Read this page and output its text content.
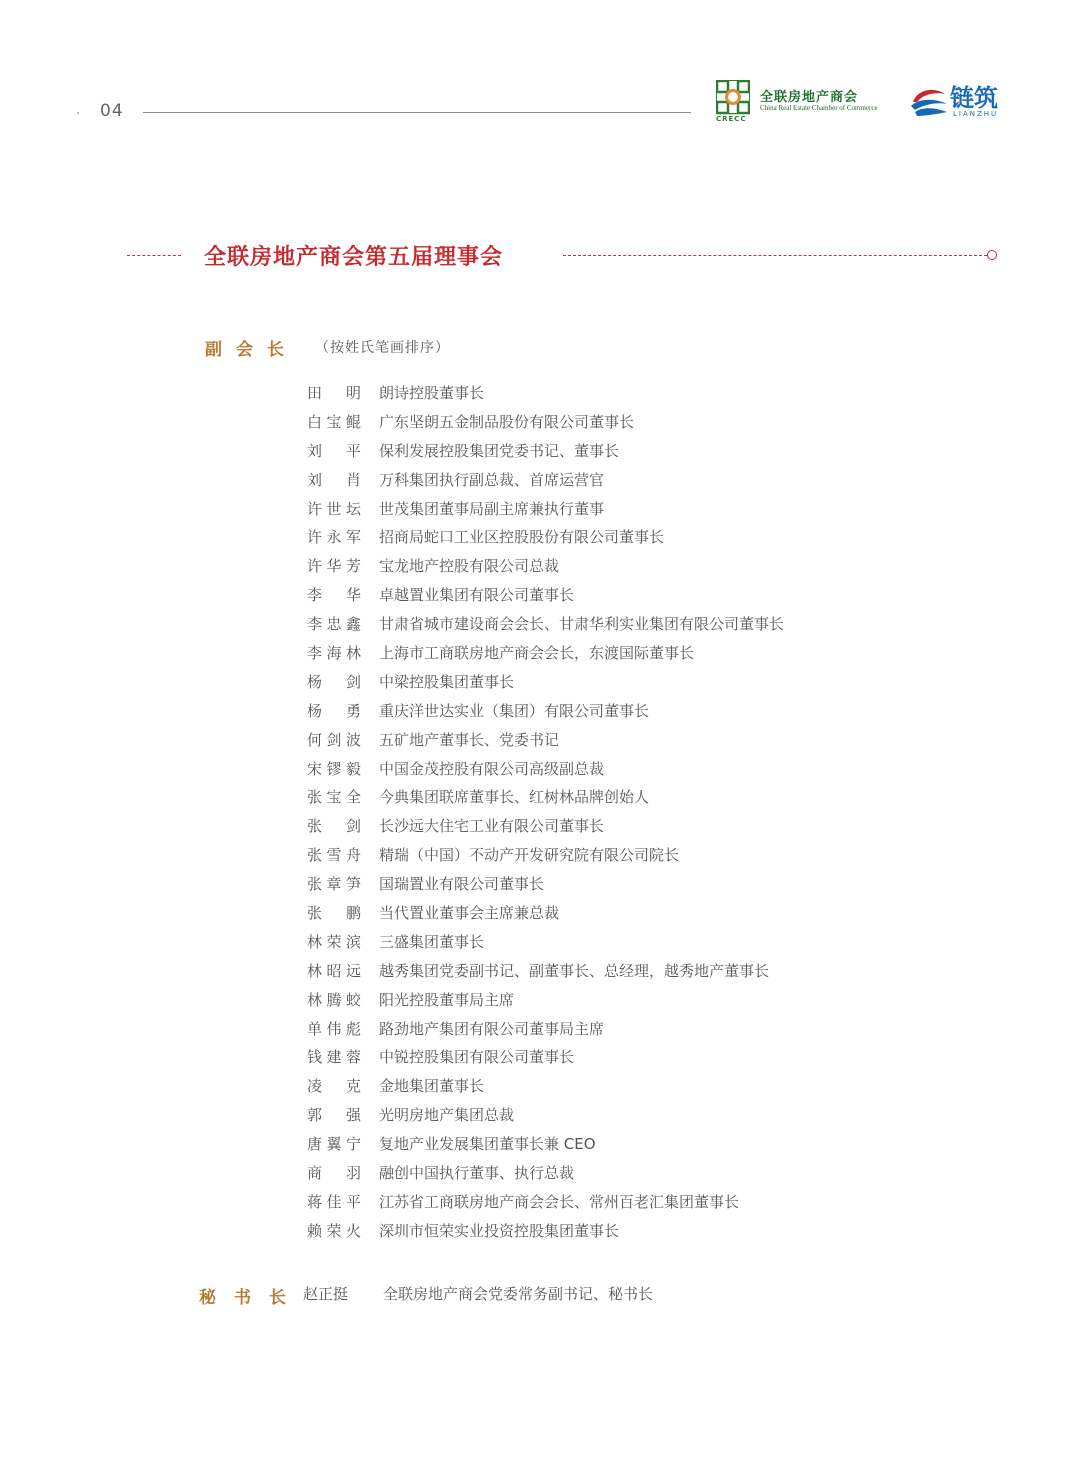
04	CRECC
全联房地产商会
China Real Estate Chamber of Commerce	链筑
LIANZHU
全联房地产商会第五届理事会
副会长 （按姓氏笔画排序）
田 明 朗诗控股董事长
白宝鲲 广东坚朗五金制品股份有限公司董事长
刘 平 保利发展控股集团党委书记、董事长
刘 肖 万科集团执行副总裁、首席运营官
许世坛 世茂集团董事局副主席兼执行董事
许永军 招商局蛇口工业区控股股份有限公司董事长
许华芳 宝龙地产控股有限公司总裁
李 华 卓越置业集团有限公司董事长
李忠鑫 甘肃省城市建设商会会长、甘肃华利实业集团有限公司董事长
李海林 上海市工商联房地产商会会长，东渡国际董事长
杨 剑 中梁控股集团董事长
杨 勇 重庆洋世达实业（集团）有限公司董事长
何剑波 五矿地产董事长、党委书记
宋镠毅 中国金茂控股有限公司高级副总裁
张宝全 今典集团联席董事长、红树林品牌创始人
张 剑 长沙远大住宅工业有限公司董事长
张雪舟 精瑞（中国）不动产开发研究院有限公司院长
张章笋 国瑞置业有限公司董事长
张 鹏 当代置业董事会主席兼总裁
林荣滨 三盛集团董事长
林昭远 越秀集团党委副书记、副董事长、总经理，越秀地产董事长
林腾蛟 阳光控股董事局主席
单伟彪 路劲地产集团有限公司董事局主席
钱建蓉 中锐控股集团有限公司董事长
凌 克 金地集团董事长
郭 强 光明房地产集团总裁
唐翼宁 复地产业发展集团董事长兼 CEO
商 羽 融创中国执行董事、执行总裁
蒋佳平 江苏省工商联房地产商会会长、常州百老汇集团董事长
赖荣火 深圳市恒荣实业投资控股集团董事长
秘书长 赵正挺 全联房地产商会党委常务副书记、秘书长
